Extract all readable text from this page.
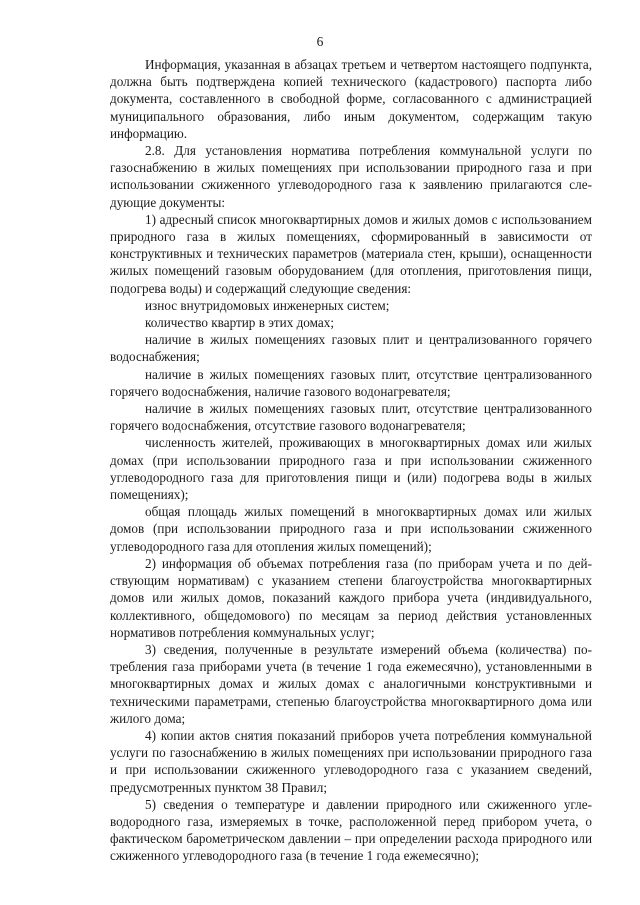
6

Информация, указанная в абзацах третьем и четвертом настоящего подпункта, должна быть подтверждена копией технического (кадастрового) паспорта либо документа, составленного в свободной форме, согласованного с администрацией муниципального образования, либо иным документом, содержащим такую информацию.

2.8. Для установления норматива потребления коммунальной услуги по газоснабжению в жилых помещениях при использовании природного газа и при использовании сжиженного углеводородного газа к заявлению прилагаются следующие документы:

1) адресный список многоквартирных домов и жилых домов с использованием природного газа в жилых помещениях, сформированный в зависимости от конструктивных и технических параметров (материала стен, крыши), оснащенности жилых помещений газовым оборудованием (для отопления, приготовления пищи, подогрева воды) и содержащий следующие сведения:

износ внутридомовых инженерных систем;

количество квартир в этих домах;

наличие в жилых помещениях газовых плит и централизованного горячего водоснабжения;

наличие в жилых помещениях газовых плит, отсутствие централизованного горячего водоснабжения, наличие газового водонагревателя;

наличие в жилых помещениях газовых плит, отсутствие централизованного горячего водоснабжения, отсутствие газового водонагревателя;

численность жителей, проживающих в многоквартирных домах или жилых домах (при использовании природного газа и при использовании сжиженного углеводородного газа для приготовления пищи и (или) подогрева воды в жилых помещениях);

общая площадь жилых помещений в многоквартирных домах или жилых домов (при использовании природного газа и при использовании сжиженного углеводородного газа для отопления жилых помещений);

2) информация об объемах потребления газа (по приборам учета и по действующим нормативам) с указанием степени благоустройства многоквартирных домов или жилых домов, показаний каждого прибора учета (индивидуального, коллективного, общедомового) по месяцам за период действия установленных нормативов потребления коммунальных услуг;

3) сведения, полученные в результате измерений объема (количества) потребления газа приборами учета (в течение 1 года ежемесячно), установленными в многоквартирных домах и жилых домах с аналогичными конструктивными и техническими параметрами, степенью благоустройства многоквартирного дома или жилого дома;

4) копии актов снятия показаний приборов учета потребления коммунальной услуги по газоснабжению в жилых помещениях при использовании природного газа и при использовании сжиженного углеводородного газа с указанием сведений, предусмотренных пунктом 38 Правил;

5) сведения о температуре и давлении природного или сжиженного углеводородного газа, измеряемых в точке, расположенной перед прибором учета, о фактическом барометрическом давлении – при определении расхода природного или сжиженного углеводородного газа (в течение 1 года ежемесячно);
